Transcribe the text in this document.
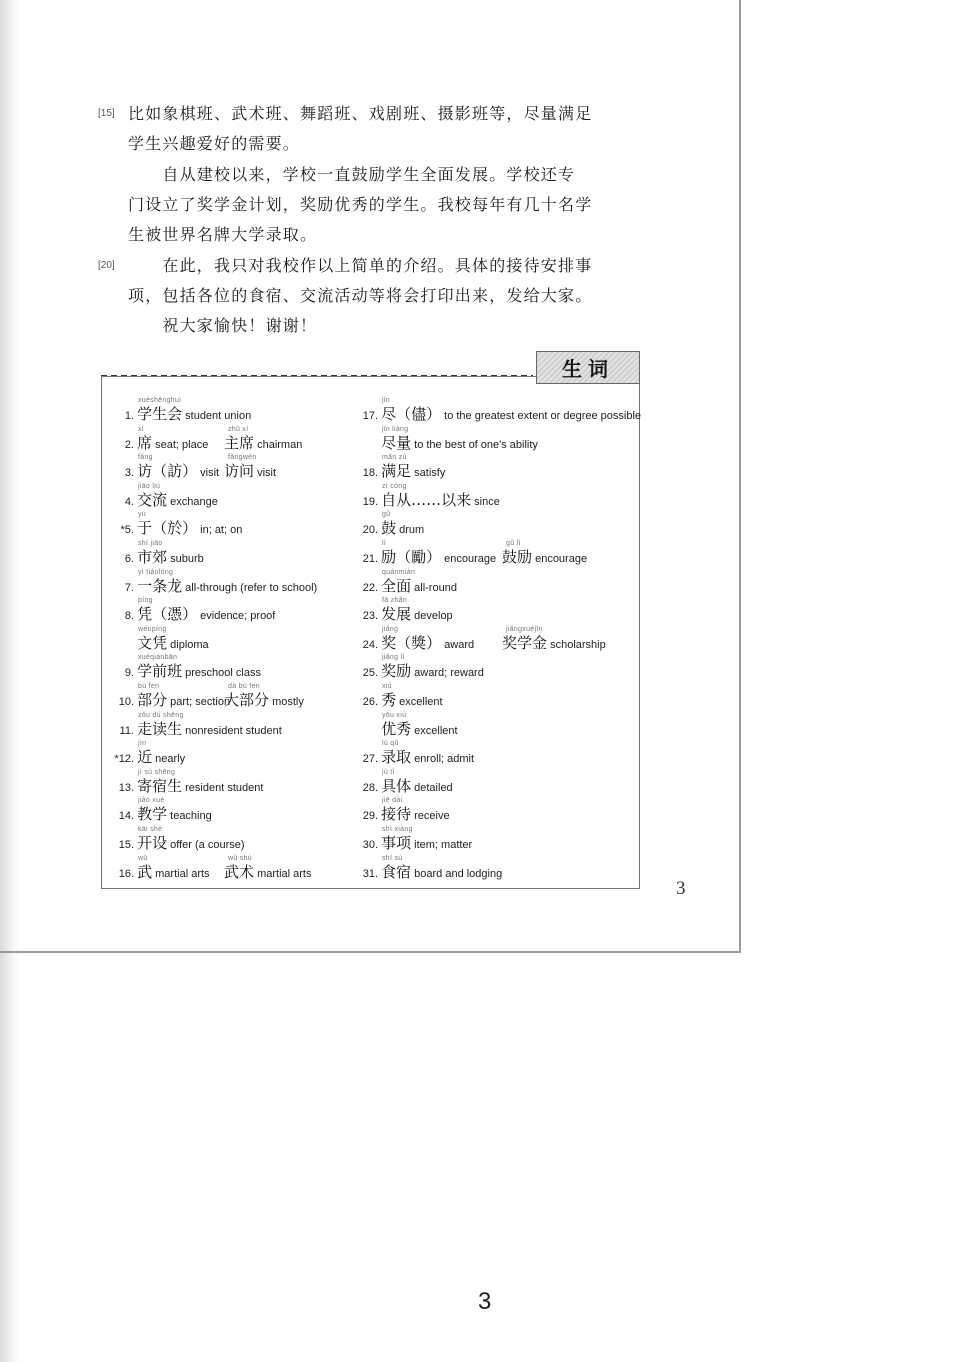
[15] 比如象棋班、武术班、舞蹈班、戏剧班、摄影班等，尽量满足
学生兴趣爱好的需要。
　　自从建校以来，学校一直鼓励学生全面发展。学校还专
门设立了奖学金计划，奖励优秀的学生。我校每年有几十名学
生被世界名牌大学录取。
[20] 　　在此，我只对我校作以上简单的介绍。具体的接待安排事
项，包括各位的食宿、交流活动等将会打印出来，发给大家。
　　祝大家愉快！谢谢！
生词
xuéshēnghuì
1. 学生会 student union
xí
2. 席 seat; place
zhǔ xí
主席 chairman
fǎng
3. 访（訪） visit
fǎngwèn
访问 visit
jiāo liú
4. 交流 exchange
yú
*5. 于（於） in; at; on
shì jiāo
6. 市郊 suburb
yì tiáolóng
7. 一条龙 all-through (refer to school)
píng
8. 凭（憑） evidence; proof
wénpíng
文凭 diploma
xuéqiánbān
9. 学前班 preschool class
bù fen
10. 部分 part; section
dà bù fen
大部分 mostly
zǒu dú shēng
11. 走读生 nonresident student
jìn
*12. 近 nearly
jì sù shēng
13. 寄宿生 resident student
jiào xué
14. 教学 teaching
kāi shè
15. 开设 offer (a course)
wǔ
16. 武 martial arts
wǔ shù
武术 martial arts
jǐn
17. 尽（儘） to the greatest extent or degree possible
jǐn liàng
尽量 to the best of one's ability
mǎn zú
18. 满足 satisfy
zì cóng
19. 自从……以来 since
gǔ
20. 鼓 drum
lì
21. 励（勵） encourage
gǔ lì
鼓励 encourage
quánmiàn
22. 全面 all-round
fā zhǎn
23. 发展 develop
jiǎng
24. 奖（獎） award
jiǎngxuéjīn
奖学金 scholarship
jiǎng lì
25. 奖励 award; reward
xiù
26. 秀 excellent
yōu xiù
优秀 excellent
lù qǔ
27. 录取 enroll; admit
jù tǐ
28. 具体 detailed
jiē dài
29. 接待 receive
shì xiàng
30. 事项 item; matter
shí sù
31. 食宿 board and lodging
3
3
